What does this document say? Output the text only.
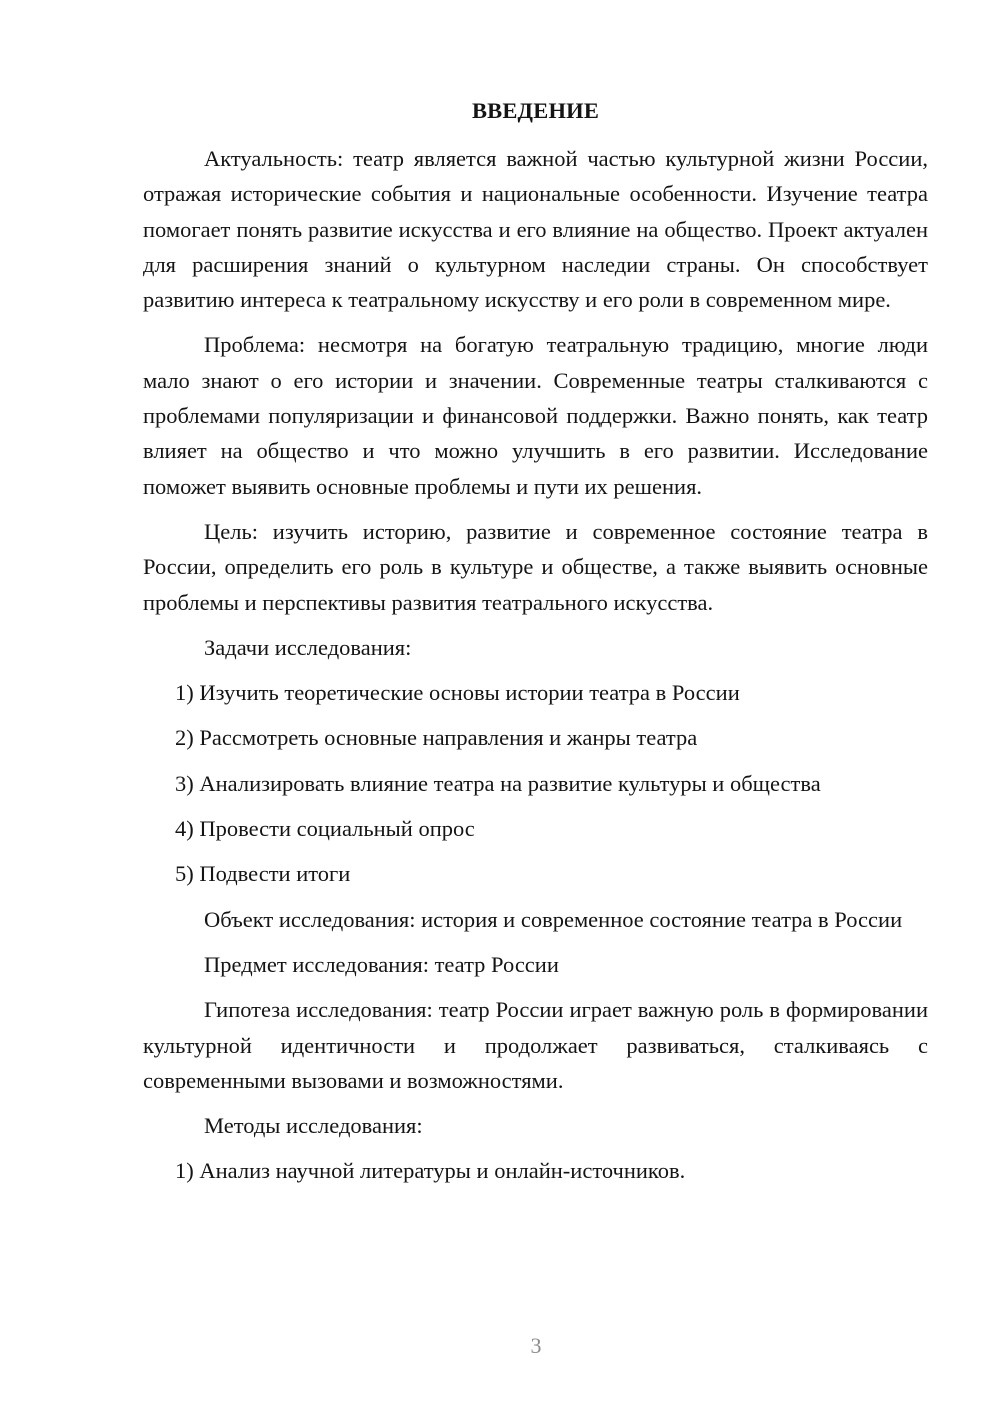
ВВЕДЕНИЕ

Актуальность: театр является важной частью культурной жизни России, отражая исторические события и национальные особенности. Изучение театра помогает понять развитие искусства и его влияние на общество. Проект актуален для расширения знаний о культурном наследии страны. Он способствует развитию интереса к театральному искусству и его роли в современном мире.

Проблема: несмотря на богатую театральную традицию, многие люди мало знают о его истории и значении. Современные театры сталкиваются с проблемами популяризации и финансовой поддержки. Важно понять, как театр влияет на общество и что можно улучшить в его развитии. Исследование поможет выявить основные проблемы и пути их решения.

Цель: изучить историю, развитие и современное состояние театра в России, определить его роль в культуре и обществе, а также выявить основные проблемы и перспективы развития театрального искусства.

Задачи исследования:

1) Изучить теоретические основы истории театра в России

2) Рассмотреть основные направления и жанры театра

3) Анализировать влияние театра на развитие культуры и общества

4) Провести социальный опрос

5) Подвести итоги

Объект исследования: история и современное состояние театра в России

Предмет исследования: театр России

Гипотеза исследования: театр России играет важную роль в формировании культурной идентичности и продолжает развиваться, сталкиваясь с современными вызовами и возможностями.

Методы исследования:

1) Анализ научной литературы и онлайн-источников.

3
